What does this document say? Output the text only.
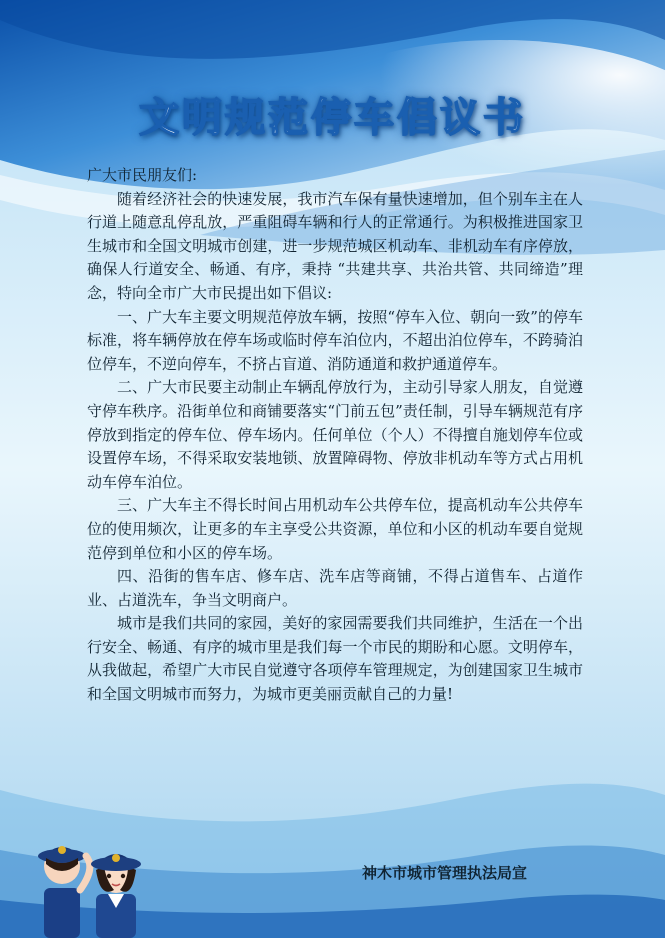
文明规范停车倡议书

广大市民朋友们:

随着经济社会的快速发展，我市汽车保有量快速增加，但个别车主在人行道上随意乱停乱放，严重阻碍车辆和行人的正常通行。为积极推进国家卫生城市和全国文明城市创建，进一步规范城区机动车、非机动车有序停放，确保人行道安全、畅通、有序，秉持 “共建共享、共治共管、共同缔造”理念，特向全市广大市民提出如下倡议:

一、广大车主要文明规范停放车辆，按照“停车入位、朝向一致”的停车标准，将车辆停放在停车场或临时停车泊位内，不超出泊位停车，不跨骑泊位停车，不逆向停车，不挤占盲道、消防通道和救护通道停车。

二、广大市民要主动制止车辆乱停放行为，主动引导家人朋友，自觉遵守停车秩序。沿街单位和商铺要落实“门前五包”责任制，引导车辆规范有序停放到指定的停车位、停车场内。任何单位（个人）不得擅自施划停车位或设置停车场，不得采取安装地锁、放置障碍物、停放非机动车等方式占用机动车停车泊位。

三、广大车主不得长时间占用机动车公共停车位，提高机动车公共停车位的使用频次，让更多的车主享受公共资源，单位和小区的机动车要自觉规范停到单位和小区的停车场。

四、沿街的售车店、修车店、洗车店等商铺，不得占道售车、占道作业、占道洗车，争当文明商户。

城市是我们共同的家园，美好的家园需要我们共同维护，生活在一个出行安全、畅通、有序的城市里是我们每一个市民的期盼和心愿。文明停车，从我做起，希望广大市民自觉遵守各项停车管理规定，为创建国家卫生城市和全国文明城市而努力，为城市更美丽贡献自己的力量!

神木市城市管理执法局宣
